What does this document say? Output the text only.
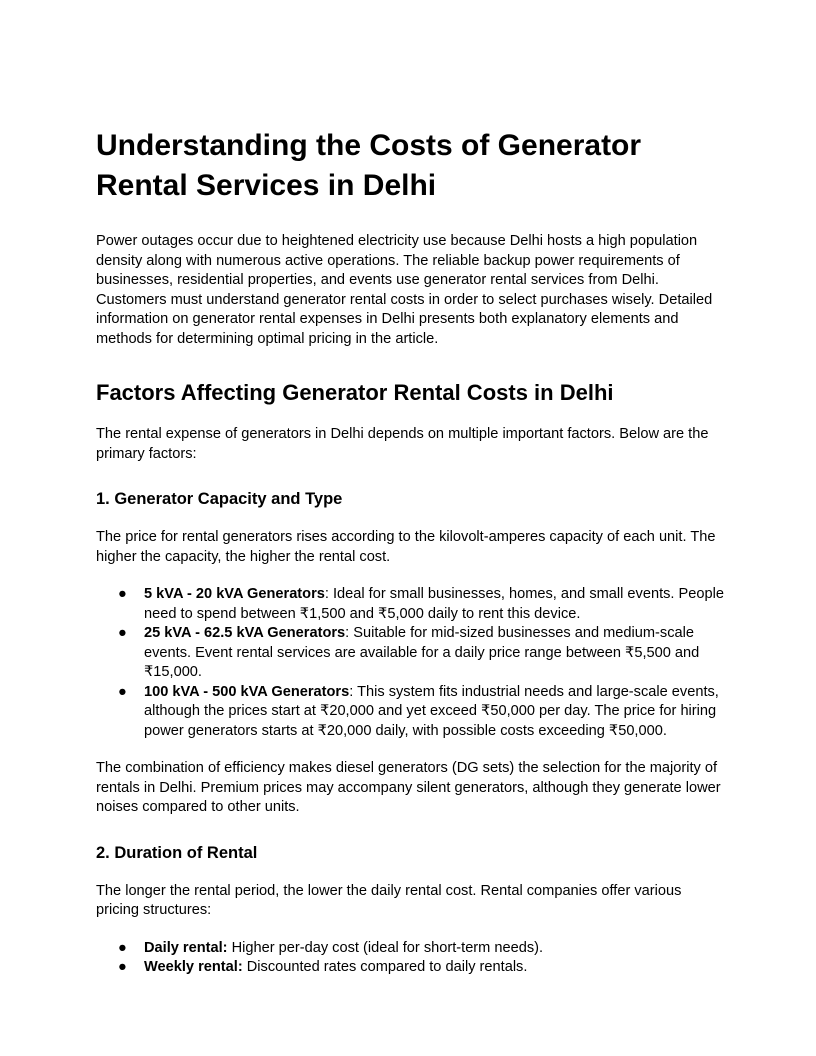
Understanding the Costs of Generator Rental Services in Delhi

Power outages occur due to heightened electricity use because Delhi hosts a high population density along with numerous active operations. The reliable backup power requirements of businesses, residential properties, and events use generator rental services from Delhi. Customers must understand generator rental costs in order to select purchases wisely. Detailed information on generator rental expenses in Delhi presents both explanatory elements and methods for determining optimal pricing in the article.

Factors Affecting Generator Rental Costs in Delhi

The rental expense of generators in Delhi depends on multiple important factors. Below are the primary factors:

1. Generator Capacity and Type

The price for rental generators rises according to the kilovolt-amperes capacity of each unit. The higher the capacity, the higher the rental cost.

● 5 kVA - 20 kVA Generators: Ideal for small businesses, homes, and small events. People need to spend between ₹1,500 and ₹5,000 daily to rent this device.
● 25 kVA - 62.5 kVA Generators: Suitable for mid-sized businesses and medium-scale events. Event rental services are available for a daily price range between ₹5,500 and ₹15,000.
● 100 kVA - 500 kVA Generators: This system fits industrial needs and large-scale events, although the prices start at ₹20,000 and yet exceed ₹50,000 per day. The price for hiring power generators starts at ₹20,000 daily, with possible costs exceeding ₹50,000.

The combination of efficiency makes diesel generators (DG sets) the selection for the majority of rentals in Delhi. Premium prices may accompany silent generators, although they generate lower noises compared to other units.

2. Duration of Rental

The longer the rental period, the lower the daily rental cost. Rental companies offer various pricing structures:

● Daily rental: Higher per-day cost (ideal for short-term needs).
● Weekly rental: Discounted rates compared to daily rentals.
